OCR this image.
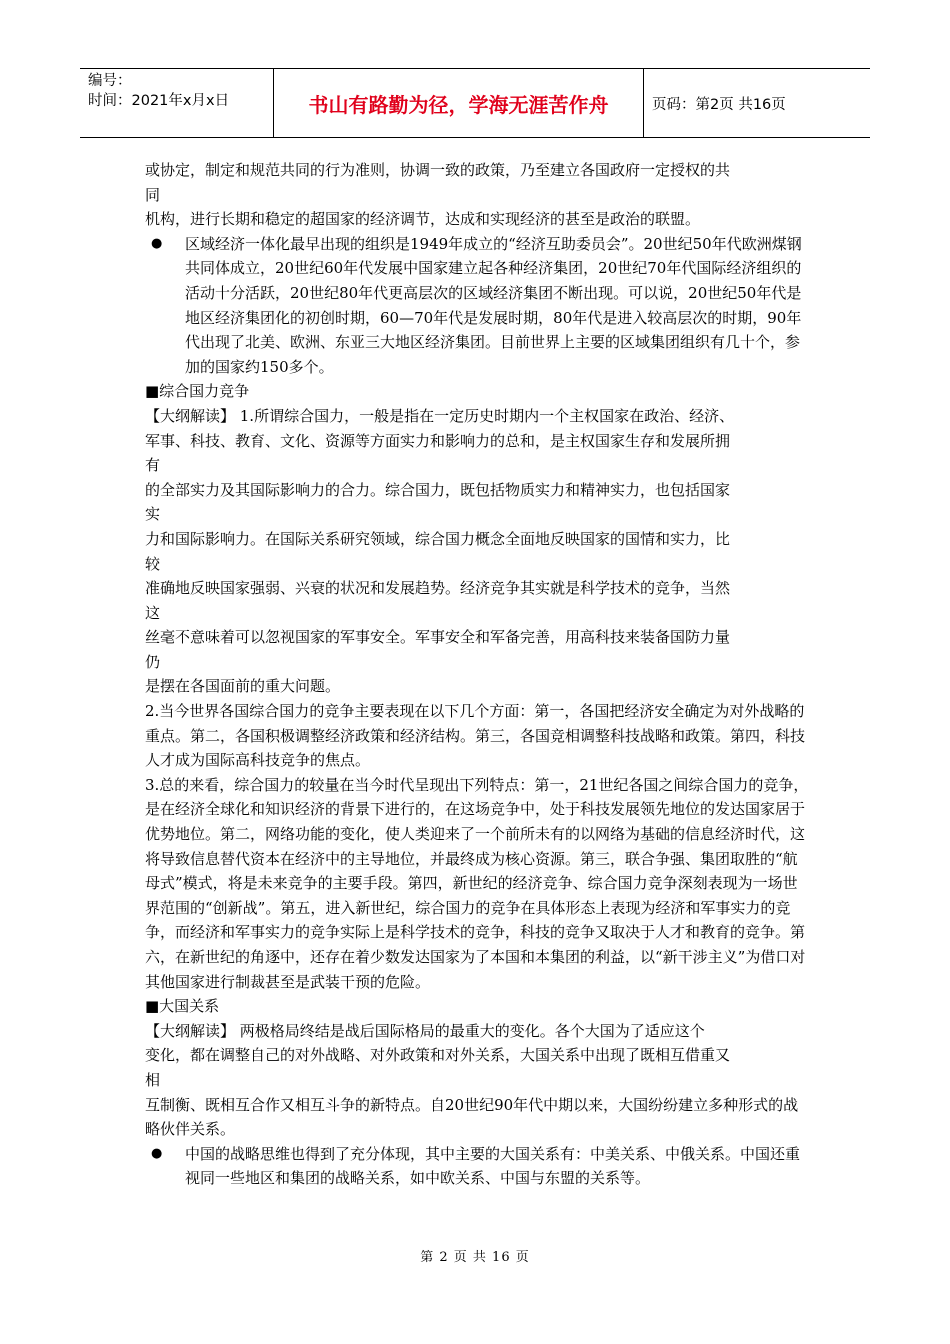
编号：
时间：2021年x月x日	书山有路勤为径，学海无涯苦作舟	页码：第2页 共16页

或协定，制定和规范共同的行为准则，协调一致的政策，乃至建立各国政府一定授权的共

同

机构，进行长期和稳定的超国家的经济调节，达成和实现经济的甚至是政治的联盟。

● 区域经济一体化最早出现的组织是1949年成立的“经济互助委员会”。20世纪50年代欧洲煤钢共同体成立，20世纪60年代发展中国家建立起各种经济集团，20世纪70年代国际经济组织的活动十分活跃，20世纪80年代更高层次的区域经济集团不断出现。可以说，20世纪50年代是地区经济集团化的初创时期，60—70年代是发展时期，80年代是进入较高层次的时期，90年代出现了北美、欧洲、东亚三大地区经济集团。目前世界上主要的区域集团组织有几十个，参加的国家约150多个。

■综合国力竞争

【大纲解读】 1.所谓综合国力，一般是指在一定历史时期内一个主权国家在政治、经济、

军事、科技、教育、文化、资源等方面实力和影响力的总和，是主权国家生存和发展所拥

有

的全部实力及其国际影响力的合力。综合国力，既包括物质实力和精神实力，也包括国家

实

力和国际影响力。在国际关系研究领域，综合国力概念全面地反映国家的国情和实力，比

较

准确地反映国家强弱、兴衰的状况和发展趋势。经济竞争其实就是科学技术的竞争，当然

这

丝毫不意味着可以忽视国家的军事安全。军事安全和军备完善，用高科技来装备国防力量

仍

是摆在各国面前的重大问题。

2.当今世界各国综合国力的竞争主要表现在以下几个方面：第一，各国把经济安全确定为对外战略的重点。第二，各国积极调整经济政策和经济结构。第三，各国竞相调整科技战略和政策。第四，科技人才成为国际高科技竞争的焦点。

3.总的来看，综合国力的较量在当今时代呈现出下列特点：第一，21世纪各国之间综合国力的竞争，是在经济全球化和知识经济的背景下进行的，在这场竞争中，处于科技发展领先地位的发达国家居于优势地位。第二，网络功能的变化，使人类迎来了一个前所未有的以网络为基础的信息经济时代，这将导致信息替代资本在经济中的主导地位，并最终成为核心资源。第三，联合争强、集团取胜的“航母式”模式，将是未来竞争的主要手段。第四，新世纪的经济竞争、综合国力竞争深刻表现为一场世界范围的“创新战”。第五，进入新世纪，综合国力的竞争在具体形态上表现为经济和军事实力的竞争，而经济和军事实力的竞争实际上是科学技术的竞争，科技的竞争又取决于人才和教育的竞争。第六，在新世纪的角逐中，还存在着少数发达国家为了本国和本集团的利益，以“新干涉主义”为借口对其他国家进行制裁甚至是武装干预的危险。

■大国关系

【大纲解读】 两极格局终结是战后国际格局的最重大的变化。各个大国为了适应这个

变化，都在调整自己的对外战略、对外政策和对外关系，大国关系中出现了既相互借重又

相

互制衡、既相互合作又相互斗争的新特点。自20世纪90年代中期以来，大国纷纷建立多种形式的战略伙伴关系。

● 中国的战略思维也得到了充分体现，其中主要的大国关系有：中美关系、中俄关系。中国还重视同一些地区和集团的战略关系，如中欧关系、中国与东盟的关系等。

第 2 页 共 16 页
